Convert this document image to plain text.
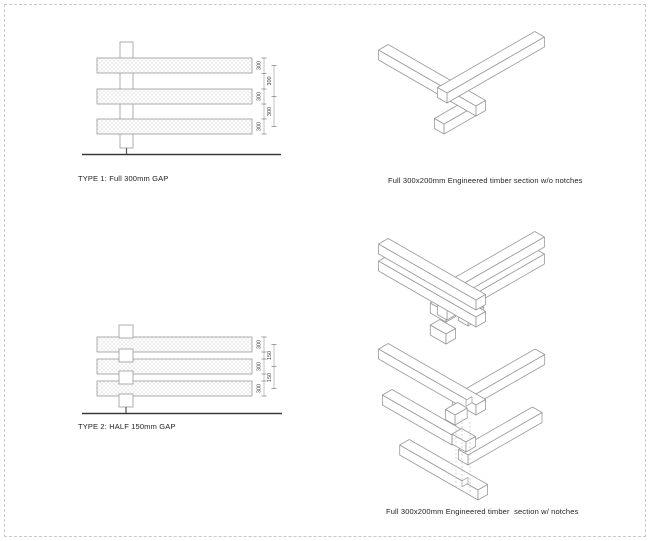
300
300
300
300
300
TYPE 1: Full 300mm GAP
300
300
300
150
150
TYPE 2: HALF 150mm GAP
Full 300x200mm Engineered timber section w/o notches
Full 300x200mm Engineered timber  section w/ notches
